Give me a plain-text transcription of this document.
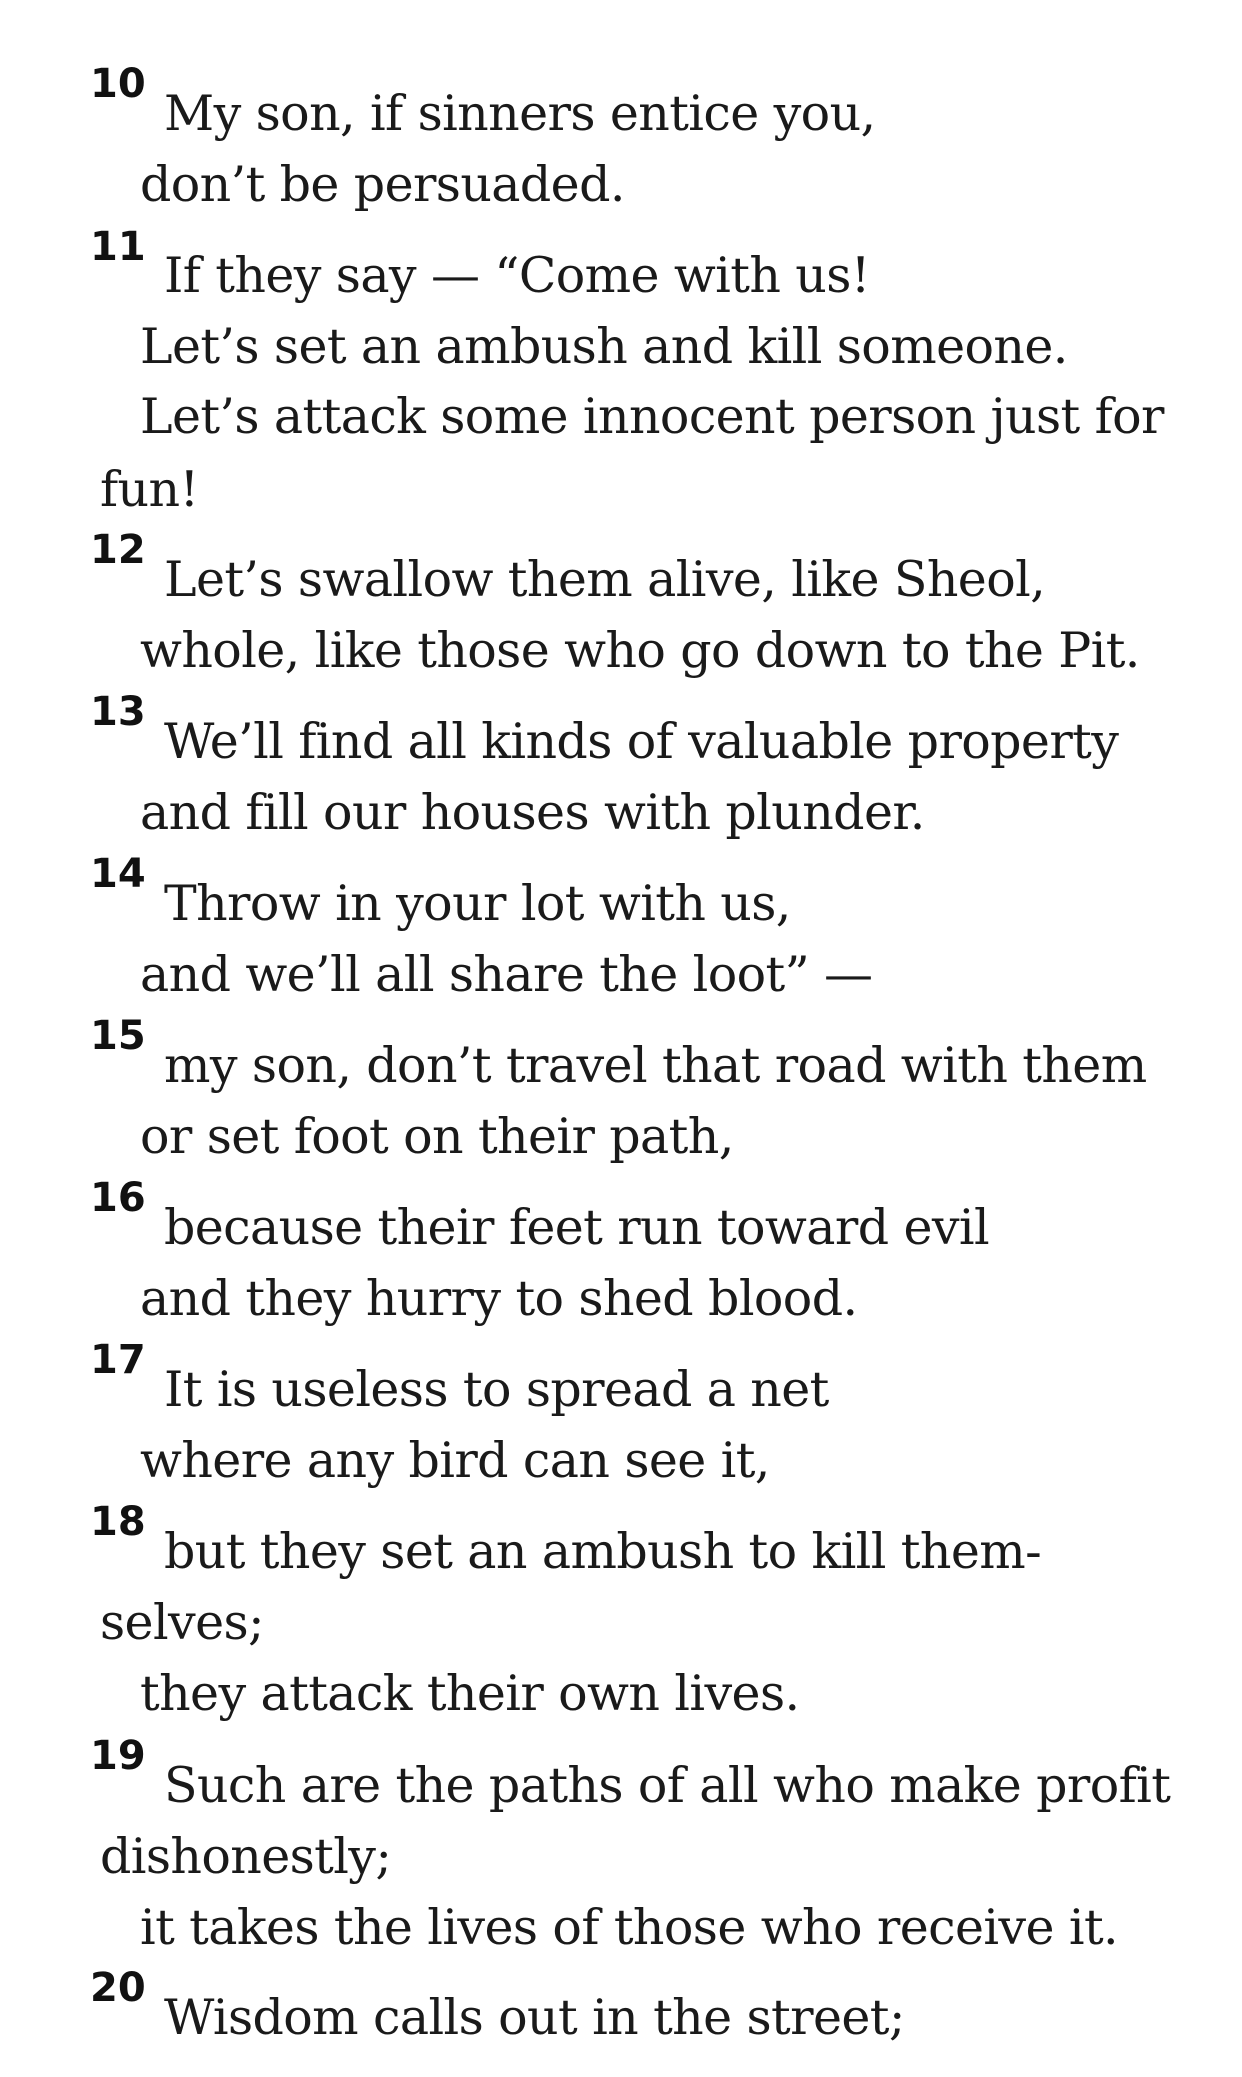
10
My son, if sinners entice you,
don’t be persuaded.
11 If they say — “Come with us!
Let’s set an ambush and kill someone.
Let’s attack some innocent person just for
fun!
12
Let’s swallow them alive, like Sheol,
whole, like those who go down to the Pit.
13
We’ll find all kinds of valuable property
and fill our houses with plunder.
14
Throw in your lot with us,
and we’ll all share the loot” —
15
my son, don’t travel that road with them
or set foot on their path,
16
because their feet run toward evil
and they hurry to shed blood.
17
It is useless to spread a net
where any bird can see it,
18
but they set an ambush to kill them-
selves;
they attack their own lives.
19
Such are the paths of all who make profit
dishonestly;
it takes the lives of those who receive it.
20
Wisdom calls out in the street;
